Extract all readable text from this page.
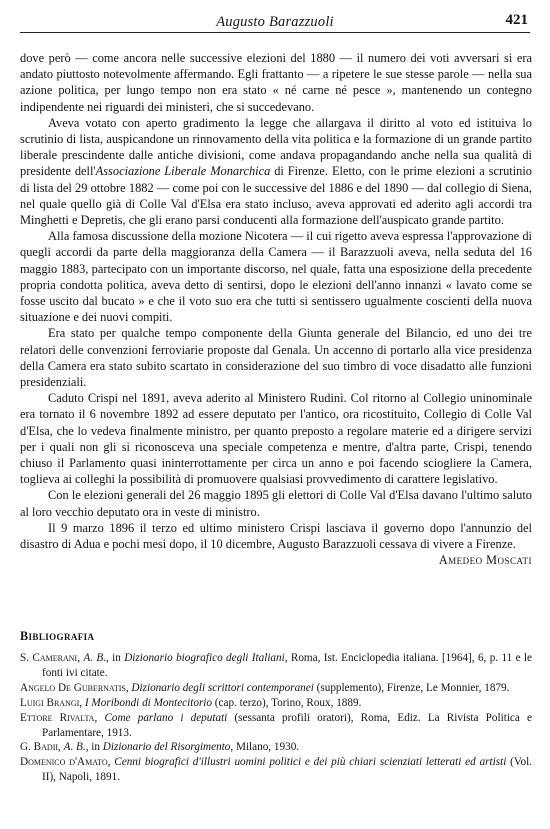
Augusto Barazzuoli	421

dove però — come ancora nelle successive elezioni del 1880 — il numero dei voti avversari si era andato piuttosto notevolmente affermando. Egli frattanto — a ripetere le sue stesse parole — nella sua azione politica, per lungo tempo non era stato « né carne né pesce », mantenendo un contegno indipendente nei riguardi dei ministeri, che si succedevano.

Aveva votato con aperto gradimento la legge che allargava il diritto al voto ed istituiva lo scrutinio di lista, auspicandone un rinnovamento della vita politica e la formazione di un grande partito liberale prescindente dalle antiche divisioni, come andava propagandando anche nella sua qualità di presidente dell'Associazione Liberale Monarchica di Firenze. Eletto, con le prime elezioni a scrutinio di lista del 29 ottobre 1882 — come poi con le successive del 1886 e del 1890 — dal collegio di Siena, nel quale quello già di Colle Val d'Elsa era stato incluso, aveva approvati ed aderito agli accordi tra Minghetti e Depretis, che gli erano parsi conducenti alla formazione dell'auspicato grande partito.

Alla famosa discussione della mozione Nicotera — il cui rigetto aveva espressa l'approvazione di quegli accordi da parte della maggioranza della Camera — il Barazzuoli aveva, nella seduta del 16 maggio 1883, partecipato con un importante discorso, nel quale, fatta una esposizione della precedente propria condotta politica, aveva detto di sentirsi, dopo le elezioni dell'anno innanzi « lavato come se fosse uscito dal bucato » e che il voto suo era che tutti si sentissero ugualmente coscienti della nuova situazione e dei nuovi compiti.

Era stato per qualche tempo componente della Giunta generale del Bilancio, ed uno dei tre relatori delle convenzioni ferroviarie proposte dal Genala. Un accenno di portarlo alla vice presidenza della Camera era stato subito scartato in considerazione del suo timbro di voce disadatto alle funzioni presidenziali.

Caduto Crispi nel 1891, aveva aderito al Ministero Rudinì. Col ritorno al Collegio uninominale era tornato il 6 novembre 1892 ad essere deputato per l'antico, ora ricostituito, Collegio di Colle Val d'Elsa, che lo vedeva finalmente ministro, per quanto preposto a regolare materie ed a dirigere servizi per i quali non gli si riconosceva una speciale competenza e mentre, d'altra parte, Crispi, tenendo chiuso il Parlamento quasi ininterrottamente per circa un anno e poi facendo sciogliere la Camera, toglieva ai colleghi la possibilità di promuovere qualsiasi provvedimento di carattere legislativo.

Con le elezioni generali del 26 maggio 1895 gli elettori di Colle Val d'Elsa davano l'ultimo saluto al loro vecchio deputato ora in veste di ministro.

Il 9 marzo 1896 il terzo ed ultimo ministero Crispi lasciava il governo dopo l'annunzio del disastro di Adua e pochi mesi dopo, il 10 dicembre, Augusto Barazzuoli cessava di vivere a Firenze.

Amedeo Moscati
Bibliografia
S. Camerani, A. B., in Dizionario biografico degli Italiani, Roma, Ist. Enciclopedia italiana. [1964], 6, p. 11 e le fonti ivi citate.
Angelo De Gubernatis, Dizionario degli scrittori contemporanei (supplemento), Firenze, Le Monnier, 1879.
Luigi Brangi, I Moribondi di Montecitorio (cap. terzo), Torino, Roux, 1889.
Ettore Rivalta, Come parlano i deputati (sessanta profili oratori), Roma, Ediz. La Rivista Politica e Parlamentare, 1913.
G. Badii, A. B., in Dizionario del Risorgimento, Milano, 1930.
Domenico d'Amato, Cenni biografici d'illustri uomini politici e dei più chiari scienziati letterati ed artisti (Vol. II), Napoli, 1891.
